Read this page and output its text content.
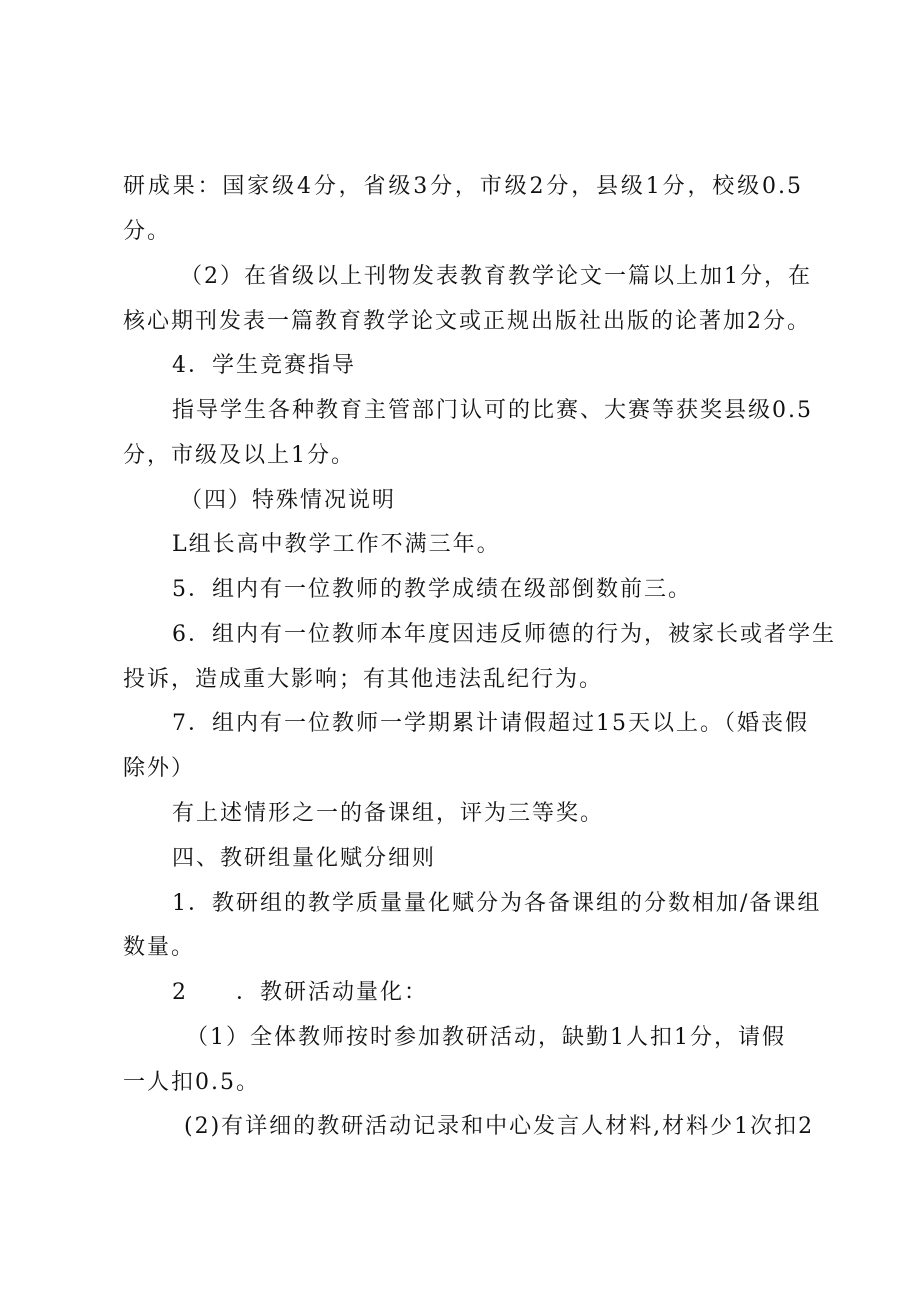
研成果：国家级4分，省级3分，市级2分，县级1分，校级0.5

分。

（2）在省级以上刊物发表教育教学论文一篇以上加1分，在

核心期刊发表一篇教育教学论文或正规出版社出版的论著加2分。

4．学生竞赛指导

指导学生各种教育主管部门认可的比赛、大赛等获奖县级0.5

分，市级及以上1分。

（四）特殊情况说明

L组长高中教学工作不满三年。

5．组内有一位教师的教学成绩在级部倒数前三。

6．组内有一位教师本年度因违反师德的行为，被家长或者学生

投诉，造成重大影响；有其他违法乱纪行为。

7．组内有一位教师一学期累计请假超过15天以上。（婚丧假

除外）

有上述情形之一的备课组，评为三等奖。

四、教研组量化赋分细则

1．教研组的教学质量量化赋分为各备课组的分数相加/备课组

数量。

2　　．教研活动量化：

（1）全体教师按时参加教研活动，缺勤1人扣1分，请假

一人扣0.5。

(2)有详细的教研活动记录和中心发言人材料,材料少1次扣2
